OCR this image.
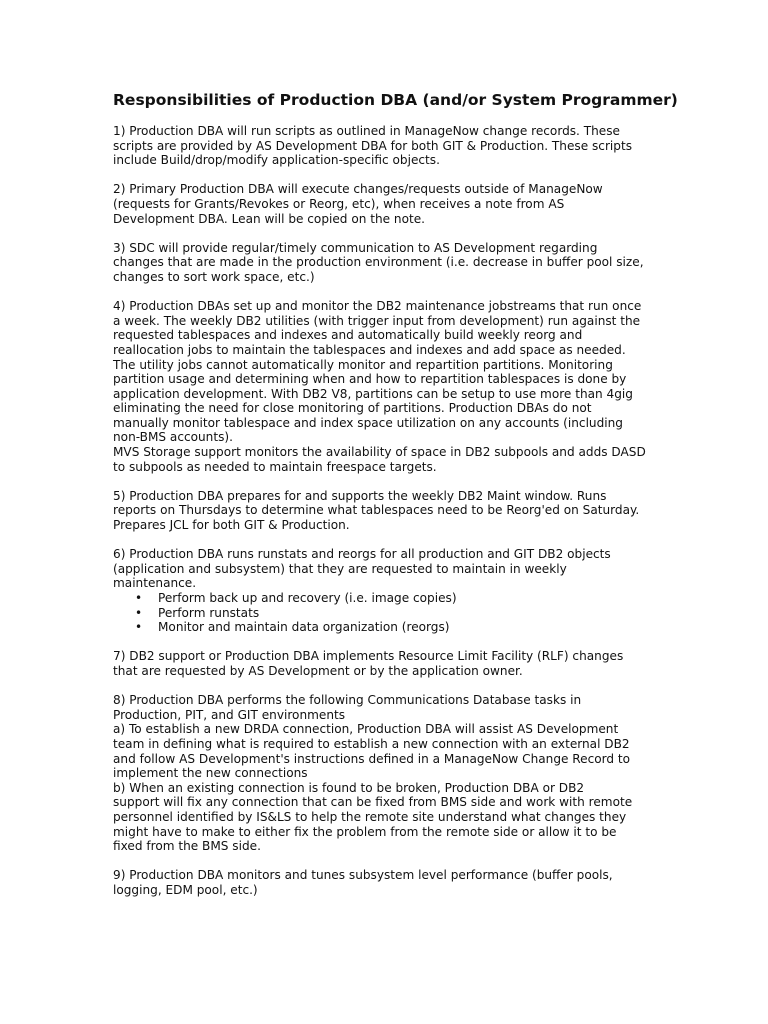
Responsibilities of Production DBA (and/or System Programmer)

1) Production DBA will run scripts as outlined in ManageNow change records. These
scripts are provided by AS Development DBA for both GIT & Production. These scripts
include Build/drop/modify application-specific objects.

2) Primary Production DBA will execute changes/requests outside of ManageNow
(requests for Grants/Revokes or Reorg, etc), when receives a note from AS
Development DBA. Lean will be copied on the note.

3) SDC will provide regular/timely communication to AS Development regarding
changes that are made in the production environment (i.e. decrease in buffer pool size,
changes to sort work space, etc.)

4) Production DBAs set up and monitor the DB2 maintenance jobstreams that run once
a week. The weekly DB2 utilities (with trigger input from development) run against the
requested tablespaces and indexes and automatically build weekly reorg and
reallocation jobs to maintain the tablespaces and indexes and add space as needed.
The utility jobs cannot automatically monitor and repartition partitions. Monitoring
partition usage and determining when and how to repartition tablespaces is done by
application development. With DB2 V8, partitions can be setup to use more than 4gig
eliminating the need for close monitoring of partitions. Production DBAs do not
manually monitor tablespace and index space utilization on any accounts (including
non-BMS accounts).
MVS Storage support monitors the availability of space in DB2 subpools and adds DASD
to subpools as needed to maintain freespace targets.

5) Production DBA prepares for and supports the weekly DB2 Maint window. Runs
reports on Thursdays to determine what tablespaces need to be Reorg'ed on Saturday.
Prepares JCL for both GIT & Production.

6) Production DBA runs runstats and reorgs for all production and GIT DB2 objects
(application and subsystem) that they are requested to maintain in weekly
maintenance.

• Perform back up and recovery (i.e. image copies)
• Perform runstats
• Monitor and maintain data organization (reorgs)

7) DB2 support or Production DBA implements Resource Limit Facility (RLF) changes
that are requested by AS Development or by the application owner.

8) Production DBA performs the following Communications Database tasks in
Production, PIT, and GIT environments
a) To establish a new DRDA connection, Production DBA will assist AS Development
team in defining what is required to establish a new connection with an external DB2
and follow AS Development's instructions defined in a ManageNow Change Record to
implement the new connections
b) When an existing connection is found to be broken, Production DBA or DB2
support will fix any connection that can be fixed from BMS side and work with remote
personnel identified by IS&LS to help the remote site understand what changes they
might have to make to either fix the problem from the remote side or allow it to be
fixed from the BMS side.

9) Production DBA monitors and tunes subsystem level performance (buffer pools,
logging, EDM pool, etc.)
